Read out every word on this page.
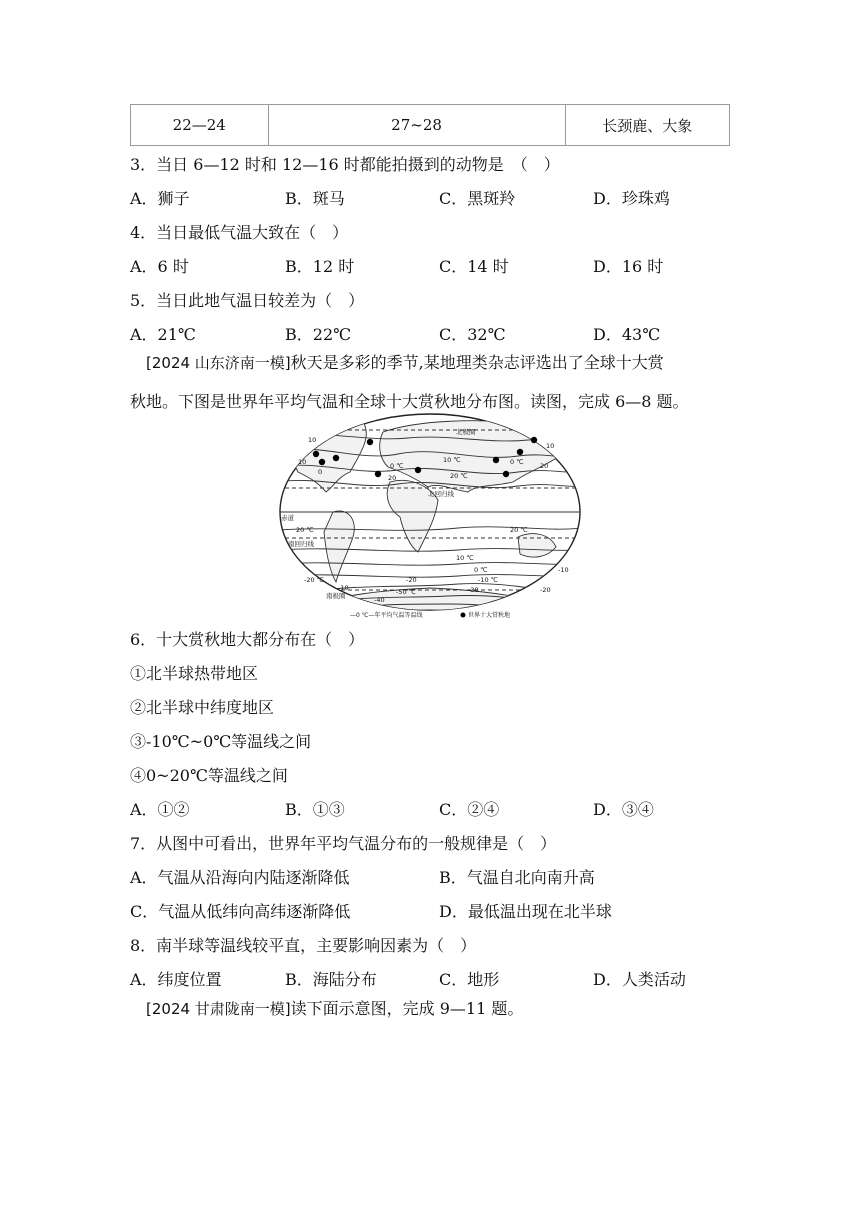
22—24	27~28	长颈鹿、大象
3．当日 6—12 时和 12—16 时都能拍摄到的动物是　（　）
A．狮子	B．斑马	C．黑斑羚	D．珍珠鸡
4．当日最低气温大致在（　）
A．6 时	B．12 时	C．14 时	D．16 时
5．当日此地气温日较差为（　）
A．21℃	B．22℃	C．32℃	D．43℃
[2024 山东济南一模]秋天是多彩的季节,某地理类杂志评选出了全球十大赏
秋地。下图是世界年平均气温和全球十大赏秋地分布图。读图，完成 6—8 题。
北极圈
北回归线
赤道
南回归线
南极圈
10
0
10	0 ℃
10 ℃
20 ℃
20
0 ℃	20
10
20 ℃	20 ℃
10 ℃
0 ℃
-10 ℃
-20
-20 ℃
-50 ℃	-30
-10
-40
-10	-20
—0 ℃—年平均气温等温线	世界十大赏秋地
6．十大赏秋地大都分布在（　）
①北半球热带地区
②北半球中纬度地区
③-10℃~0℃等温线之间
④0~20℃等温线之间
A．①②	B．①③	C．②④	D．③④
7．从图中可看出，世界年平均气温分布的一般规律是（　）
A．气温从沿海向内陆逐渐降低	B．气温自北向南升高
C．气温从低纬向高纬逐渐降低	D．最低温出现在北半球
8．南半球等温线较平直，主要影响因素为（　）
A．纬度位置	B．海陆分布	C．地形	D．人类活动
[2024 甘肃陇南一模]读下面示意图，完成 9—11 题。
